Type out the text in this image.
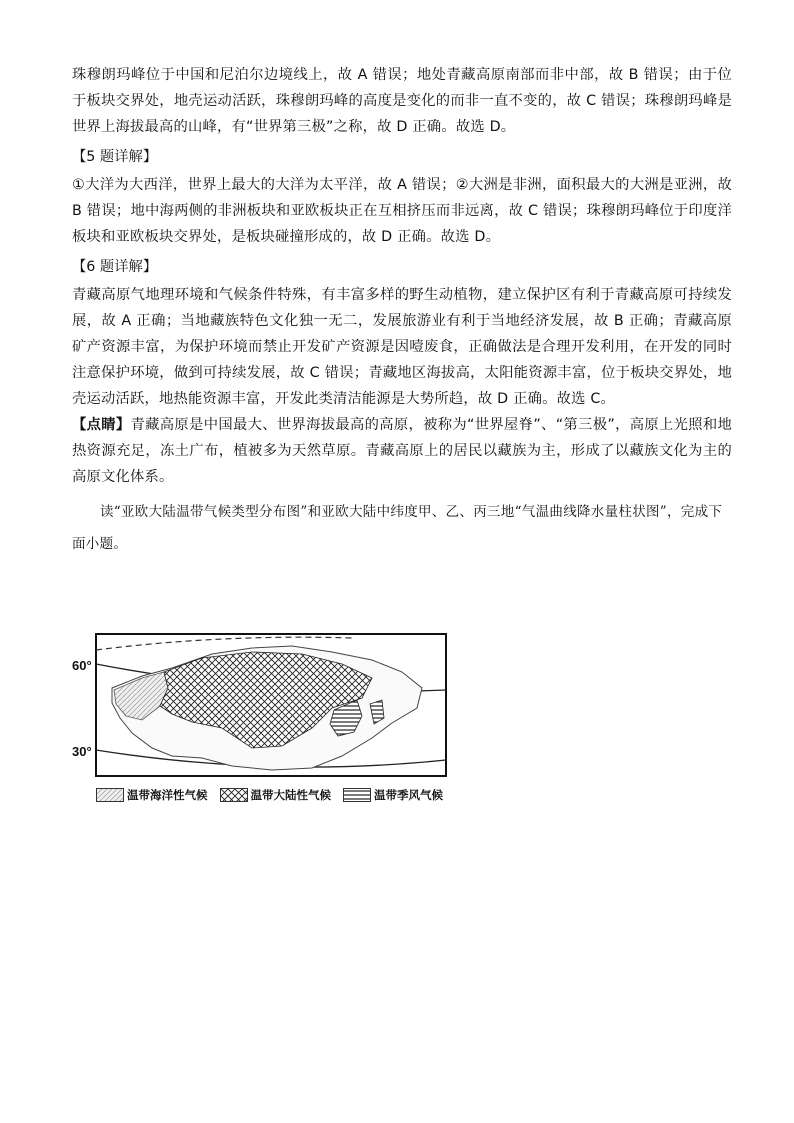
珠穆朗玛峰位于中国和尼泊尔边境线上，故 A 错误；地处青藏高原南部而非中部，故 B 错误；由于位于板块交界处，地壳运动活跃，珠穆朗玛峰的高度是变化的而非一直不变的，故 C 错误；珠穆朗玛峰是世界上海拔最高的山峰，有“世界第三极”之称，故 D 正确。故选 D。

【5 题详解】

①大洋为大西洋，世界上最大的大洋为太平洋，故 A 错误；②大洲是非洲，面积最大的大洲是亚洲，故 B 错误；地中海两侧的非洲板块和亚欧板块正在互相挤压而非远离，故 C 错误；珠穆朗玛峰位于印度洋板块和亚欧板块交界处，是板块碰撞形成的，故 D 正确。故选 D。

【6 题详解】

青藏高原气地理环境和气候条件特殊，有丰富多样的野生动植物，建立保护区有利于青藏高原可持续发展，故 A 正确；当地藏族特色文化独一无二，发展旅游业有利于当地经济发展，故 B 正确；青藏高原矿产资源丰富，为保护环境而禁止开发矿产资源是因噎废食，正确做法是合理开发利用，在开发的同时注意保护环境，做到可持续发展，故 C 错误；青藏地区海拔高，太阳能资源丰富，位于板块交界处，地壳运动活跃，地热能资源丰富，开发此类清洁能源是大势所趋，故 D 正确。故选 C。

【点睛】青藏高原是中国最大、世界海拔最高的高原，被称为“世界屋脊”、“第三极”，高原上光照和地热资源充足，冻土广布，植被多为天然草原。青藏高原上的居民以藏族为主，形成了以藏族文化为主的高原文化体系。

读“亚欧大陆温带气候类型分布图”和亚欧大陆中纬度甲、乙、丙三地“气温曲线降水量柱状图”，完成下面小题。

60°
30°
温带海洋性气候	温带大陆性气候	温带季风气候
